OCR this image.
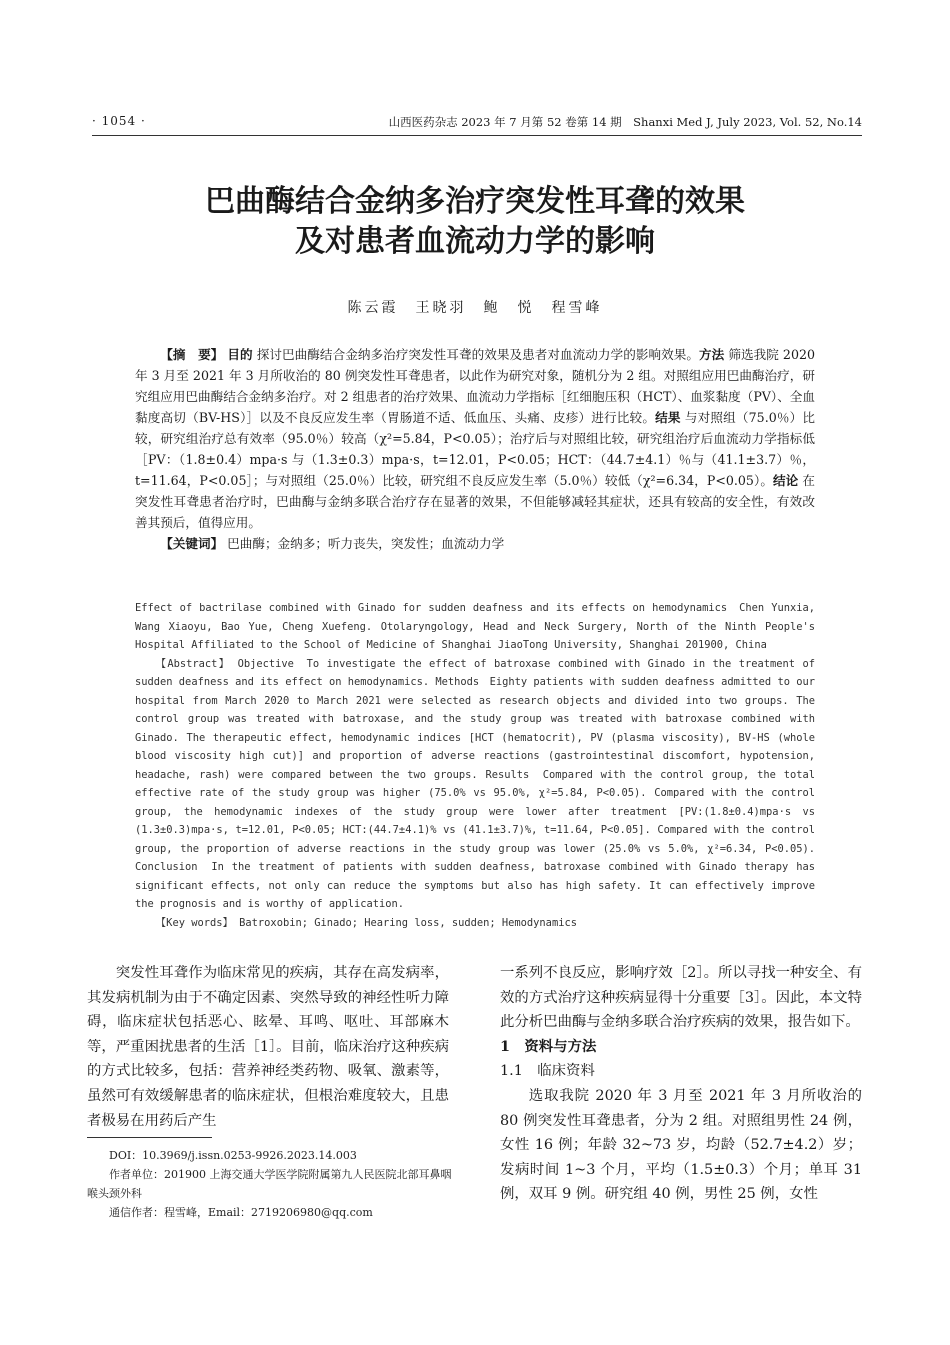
· 1054 ·	山西医药杂志 2023 年 7 月第 52 卷第 14 期　Shanxi Med J, July 2023, Vol. 52, No.14
巴曲酶结合金纳多治疗突发性耳聋的效果
及对患者血流动力学的影响
陈云霞　王晓羽　鲍　悦　程雪峰

【摘　要】 目的 探讨巴曲酶结合金纳多治疗突发性耳聋的效果及患者对血流动力学的影响效果。方法 筛选我院 2020 年 3 月至 2021 年 3 月所收治的 80 例突发性耳聋患者，以此作为研究对象，随机分为 2 组。对照组应用巴曲酶治疗，研究组应用巴曲酶结合金纳多治疗。对 2 组患者的治疗效果、血流动力学指标［红细胞压积（HCT）、血浆黏度（PV）、全血黏度高切（BV-HS）］以及不良反应发生率（胃肠道不适、低血压、头痛、皮疹）进行比较。结果 与对照组（75.0％）比较，研究组治疗总有效率（95.0％）较高（χ²=5.84，P<0.05）；治疗后与对照组比较，研究组治疗后血流动力学指标低［PV：（1.8±0.4）mpa·s 与（1.3±0.3）mpa·s，t=12.01，P<0.05；HCT：（44.7±4.1）％与（41.1±3.7）％，t=11.64，P<0.05］；与对照组（25.0％）比较，研究组不良反应发生率（5.0％）较低（χ²=6.34，P<0.05）。结论 在突发性耳聋患者治疗时，巴曲酶与金纳多联合治疗存在显著的效果，不但能够减轻其症状，还具有较高的安全性，有效改善其预后，值得应用。

【关键词】 巴曲酶；金纳多；听力丧失，突发性；血流动力学

Effect of bactrilase combined with Ginado for sudden deafness and its effects on hemodynamics　Chen Yunxia, Wang Xiaoyu, Bao Yue, Cheng Xuefeng. Otolaryngology, Head and Neck Surgery, North of the Ninth People's Hospital Affiliated to the School of Medicine of Shanghai JiaoTong University, Shanghai 201900, China

【Abstract】 Objective　To investigate the effect of batroxase combined with Ginado in the treatment of sudden deafness and its effect on hemodynamics. Methods　Eighty patients with sudden deafness admitted to our hospital from March 2020 to March 2021 were selected as research objects and divided into two groups. The control group was treated with batroxase, and the study group was treated with batroxase combined with Ginado. The therapeutic effect, hemodynamic indices [HCT (hematocrit), PV (plasma viscosity), BV-HS (whole blood viscosity high cut)] and proportion of adverse reactions (gastrointestinal discomfort, hypotension, headache, rash) were compared between the two groups. Results　Compared with the control group, the total effective rate of the study group was higher (75.0% vs 95.0%, χ²=5.84, P<0.05). Compared with the control group, the hemodynamic indexes of the study group were lower after treatment [PV:(1.8±0.4)mpa·s vs (1.3±0.3)mpa·s, t=12.01, P<0.05; HCT:(44.7±4.1)% vs (41.1±3.7)%, t=11.64, P<0.05]. Compared with the control group, the proportion of adverse reactions in the study group was lower (25.0% vs 5.0%, χ²=6.34, P<0.05). Conclusion　In the treatment of patients with sudden deafness, batroxase combined with Ginado therapy has significant effects, not only can reduce the symptoms but also has high safety. It can effectively improve the prognosis and is worthy of application.

【Key words】 Batroxobin; Ginado; Hearing loss, sudden; Hemodynamics

突发性耳聋作为临床常见的疾病，其存在高发病率，其发病机制为由于不确定因素、突然导致的神经性听力障碍，临床症状包括恶心、眩晕、耳鸣、呕吐、耳部麻木等，严重困扰患者的生活［1］。目前，临床治疗这种疾病的方式比较多，包括：营养神经类药物、吸氧、激素等，虽然可有效缓解患者的临床症状，但根治难度较大，且患者极易在用药后产生

一系列不良反应，影响疗效［2］。所以寻找一种安全、有效的方式治疗这种疾病显得十分重要［3］。因此，本文特此分析巴曲酶与金纳多联合治疗疾病的效果，报告如下。

1　资料与方法

1.1　临床资料

选取我院 2020 年 3 月至 2021 年 3 月所收治的 80 例突发性耳聋患者，分为 2 组。对照组男性 24 例，女性 16 例；年龄 32~73 岁，均龄（52.7±4.2）岁；发病时间 1~3 个月，平均（1.5±0.3）个月；单耳 31 例，双耳 9 例。研究组 40 例，男性 25 例，女性

DOI：10.3969/j.issn.0253-9926.2023.14.003

作者单位：201900 上海交通大学医学院附属第九人民医院北部耳鼻咽喉头颈外科

通信作者：程雪峰，Email：2719206980@qq.com
